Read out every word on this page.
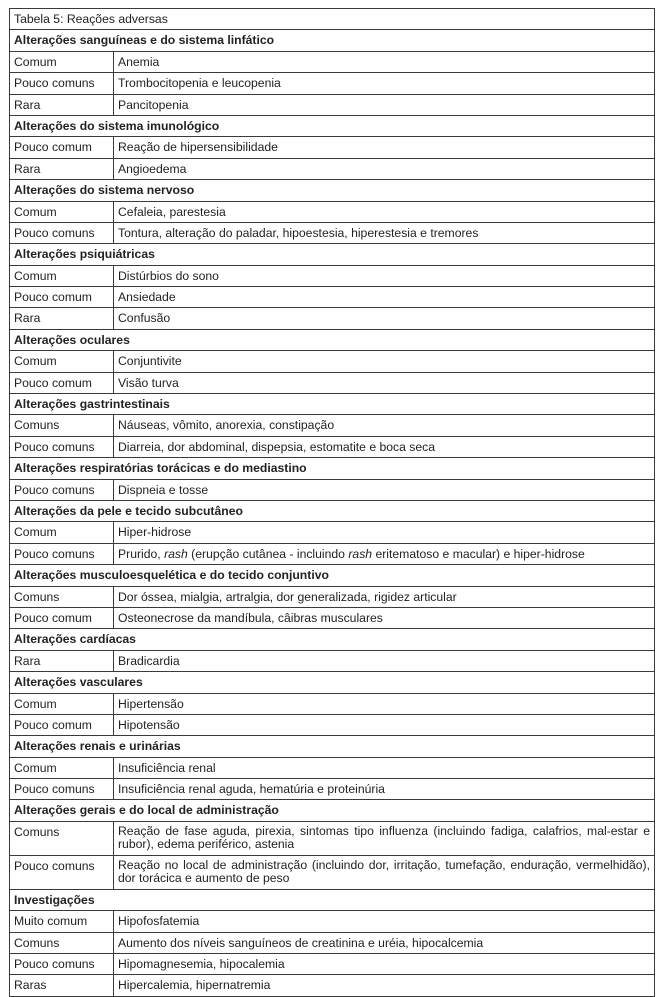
Tabela 5: Reações adversas	
Alterações sanguíneas e do sistema linfático	
Comum	Anemia
Pouco comuns	Trombocitopenia e leucopenia
Rara	Pancitopenia
Alterações do sistema imunológico	
Pouco comum	Reação de hipersensibilidade
Rara	Angioedema
Alterações do sistema nervoso	
Comum	Cefaleia, parestesia
Pouco comuns	Tontura, alteração do paladar, hipoestesia, hiperestesia e tremores
Alterações psiquiátricas	
Comum	Distúrbios do sono
Pouco comum	Ansiedade
Rara	Confusão
Alterações oculares	
Comum	Conjuntivite
Pouco comum	Visão turva
Alterações gastrintestinais	
Comuns	Náuseas, vômito, anorexia, constipação
Pouco comuns	Diarreia, dor abdominal, dispepsia, estomatite e boca seca
Alterações respiratórias torácicas e do mediastino	
Pouco comuns	Dispneia e tosse
Alterações da pele e tecido subcutâneo	
Comum	Hiper-hidrose
Pouco comuns	Prurido, rash (erupção cutânea - incluindo rash eritematoso e macular) e hiper-hidrose
Alterações musculoesquelética e do tecido conjuntivo	
Comuns	Dor óssea, mialgia, artralgia, dor generalizada, rigidez articular
Pouco comum	Osteonecrose da mandíbula, câibras musculares
Alterações cardíacas	
Rara	Bradicardia
Alterações vasculares	
Comum	Hipertensão
Pouco comum	Hipotensão
Alterações renais e urinárias	
Comum	Insuficiência renal
Pouco comuns	Insuficiência renal aguda, hematúria e proteinúria
Alterações gerais e do local de administração	
Comuns	Reação de fase aguda, pirexia, sintomas tipo influenza (incluindo fadiga, calafrios, mal-estar e rubor), edema periférico, astenia
Pouco comuns	Reação no local de administração (incluindo dor, irritação, tumefação, enduração, vermelhidão), dor torácica e aumento de peso
Investigações	
Muito comum	Hipofosfatemia
Comuns	Aumento dos níveis sanguíneos de creatinina e uréia, hipocalcemia
Pouco comuns	Hipomagnesemia, hipocalemia
Raras	Hipercalemia, hipernatremia
